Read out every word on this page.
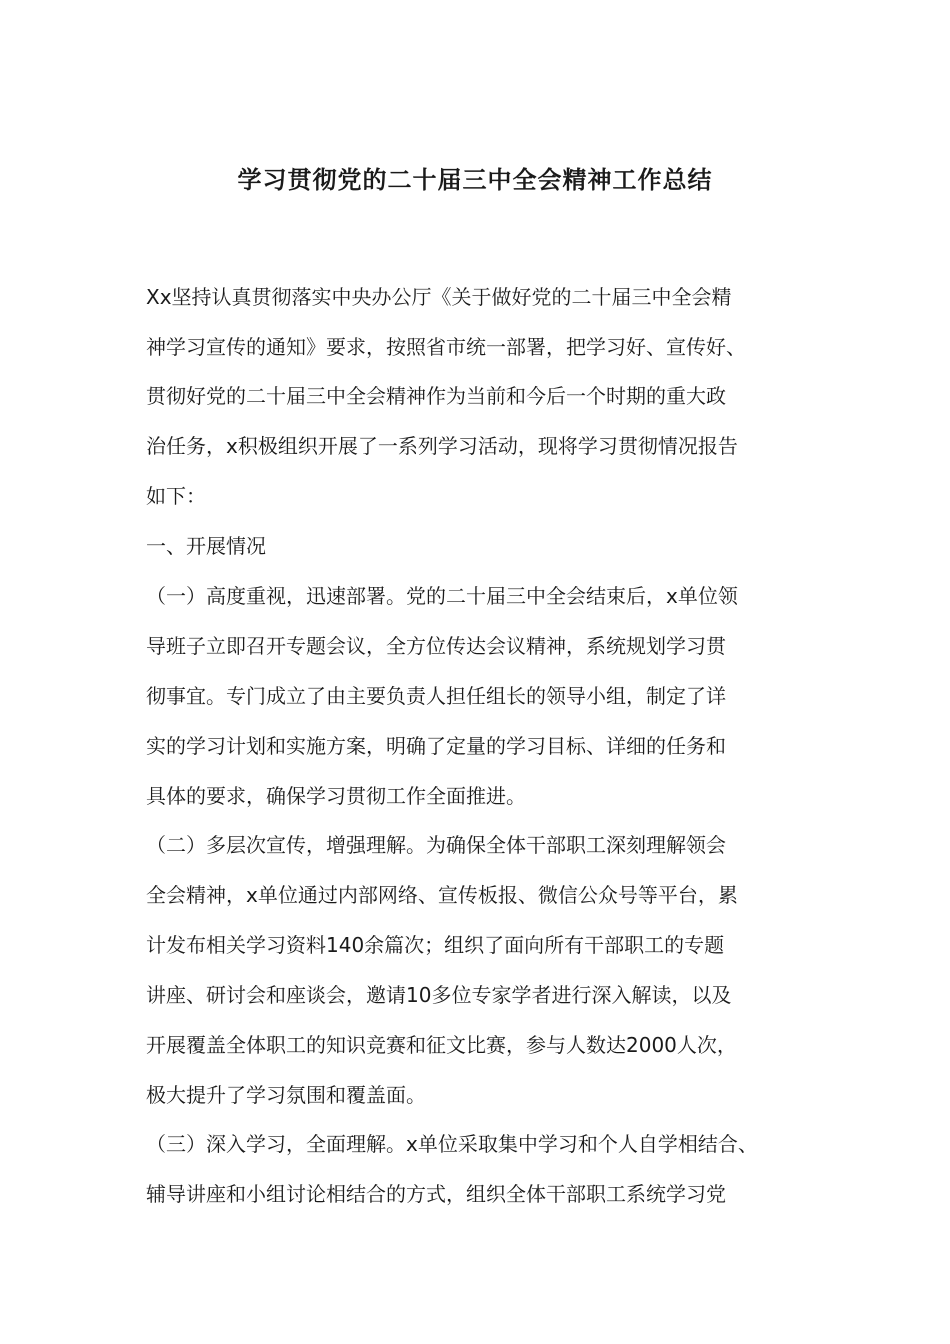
学习贯彻党的二十届三中全会精神工作总结

Xx坚持认真贯彻落实中央办公厅《关于做好党的二十届三中全会精

神学习宣传的通知》要求，按照省市统一部署，把学习好、宣传好、

贯彻好党的二十届三中全会精神作为当前和今后一个时期的重大政

治任务，x积极组织开展了一系列学习活动，现将学习贯彻情况报告

如下：

一、开展情况

（一）高度重视，迅速部署。党的二十届三中全会结束后，x单位领

导班子立即召开专题会议，全方位传达会议精神，系统规划学习贯

彻事宜。专门成立了由主要负责人担任组长的领导小组，制定了详

实的学习计划和实施方案，明确了定量的学习目标、详细的任务和

具体的要求，确保学习贯彻工作全面推进。

（二）多层次宣传，增强理解。为确保全体干部职工深刻理解领会

全会精神，x单位通过内部网络、宣传板报、微信公众号等平台，累

计发布相关学习资料140余篇次；组织了面向所有干部职工的专题

讲座、研讨会和座谈会，邀请10多位专家学者进行深入解读，以及

开展覆盖全体职工的知识竞赛和征文比赛，参与人数达2000人次，

极大提升了学习氛围和覆盖面。

（三）深入学习，全面理解。x单位采取集中学习和个人自学相结合、

辅导讲座和小组讨论相结合的方式，组织全体干部职工系统学习党
